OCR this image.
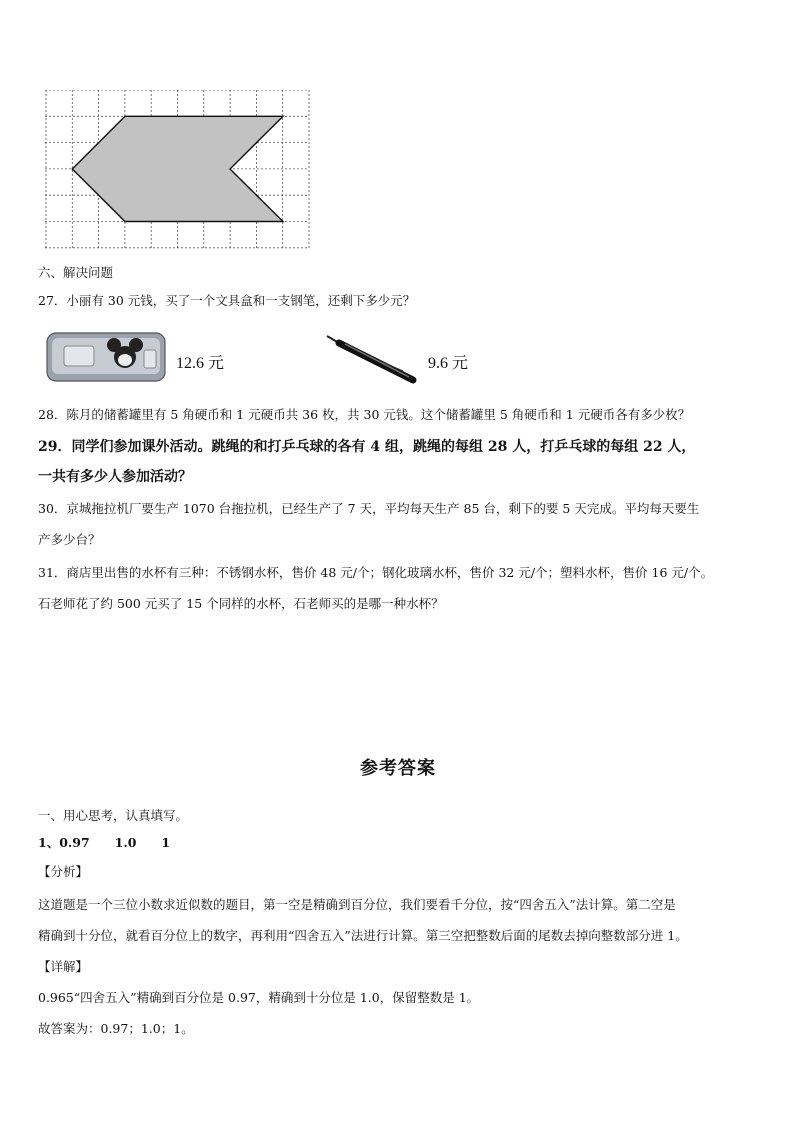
六、解决问题
27．小丽有 30 元钱，买了一个文具盒和一支钢笔，还剩下多少元？
12.6 元	9.6 元
28．陈月的储蓄罐里有 5 角硬币和 1 元硬币共 36 枚，共 30 元钱。这个储蓄罐里 5 角硬币和 1 元硬币各有多少枚？
29．同学们参加课外活动。跳绳的和打乒乓球的各有 4 组，跳绳的每组 28 人，打乒乓球的每组 22 人，
一共有多少人参加活动？
30．京城拖拉机厂要生产 1070 台拖拉机，已经生产了 7 天，平均每天生产 85 台，剩下的要 5 天完成。平均每天要生
产多少台？
31．商店里出售的水杯有三种：不锈钢水杯，售价 48 元/个；钢化玻璃水杯，售价 32 元/个；塑料水杯，售价 16 元/个。
石老师花了约 500 元买了 15 个同样的水杯，石老师买的是哪一种水杯？
参考答案
一、用心思考，认真填写。
1、0.97　　1.0　　1
【分析】
这道题是一个三位小数求近似数的题目，第一空是精确到百分位，我们要看千分位，按“四舍五入”法计算。第二空是
精确到十分位，就看百分位上的数字，再利用“四舍五入”法进行计算。第三空把整数后面的尾数去掉向整数部分进 1。
【详解】
0.965“四舍五入”精确到百分位是 0.97，精确到十分位是 1.0，保留整数是 1。
故答案为：0.97；1.0；1。
